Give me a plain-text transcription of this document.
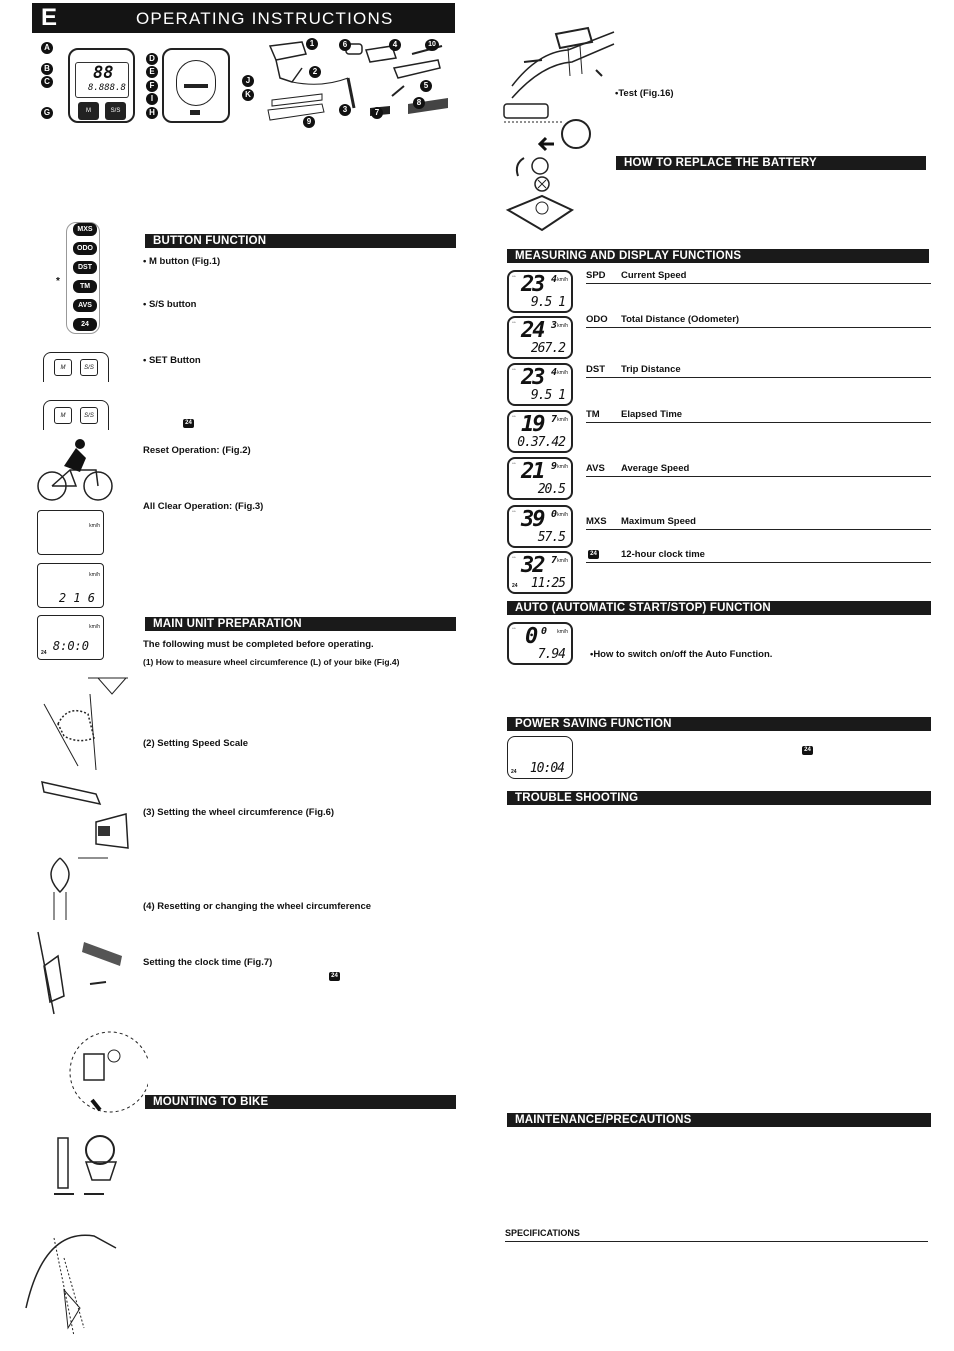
E	OPERATING INSTRUCTIONS
88
8.888.8
M	S/S
A
B
C
D
E
F
I
G	H
J
K
1
2
3
4
5
6
7
8
9
10
MXS
ODO
DST
TM
AVS
24
*
M	S/S
M	S/S
km/h
km/h
2 1 6
km/h
8:0:0
24
BUTTON FUNCTION
• M button (Fig.1)
• S/S button
• SET Button
24
Reset Operation: (Fig.2)
All Clear Operation: (Fig.3)
MAIN UNIT PREPARATION
The following must be completed before operating.
(1) How to measure wheel circumference (L) of your bike (Fig.4)
(2) Setting Speed Scale
(3) Setting the wheel circumference (Fig.6)
(4) Resetting or changing the wheel circumference
Setting the clock time (Fig.7)
24
MOUNTING TO BIKE
•Test (Fig.16)
HOW TO REPLACE THE BATTERY
MEASURING AND DISPLAY FUNCTIONS
▫▫ 23 4 km/h
9.5 1
SPD Current Speed
▫▫ 24 3 km/h
267.2
ODO Total Distance (Odometer)
▫▫ 23 4 km/h
9.5 1
DST Trip Distance
▫▫ 19 7 km/h
0.37.42
TM Elapsed Time
▫▫ 21 9 km/h
20.5
AVS Average Speed
▫▫ 39 0 km/h
57.5
MXS Maximum Speed
▫▫ 32 7 km/h
11:25
24
24	12-hour clock time
AUTO (AUTOMATIC START/STOP) FUNCTION
▫▫ 0 0 km/h
7.94	•How to switch on/off the Auto Function.
POWER SAVING FUNCTION
24 10:04
24
TROUBLE SHOOTING
MAINTENANCE/PRECAUTIONS
SPECIFICATIONS
